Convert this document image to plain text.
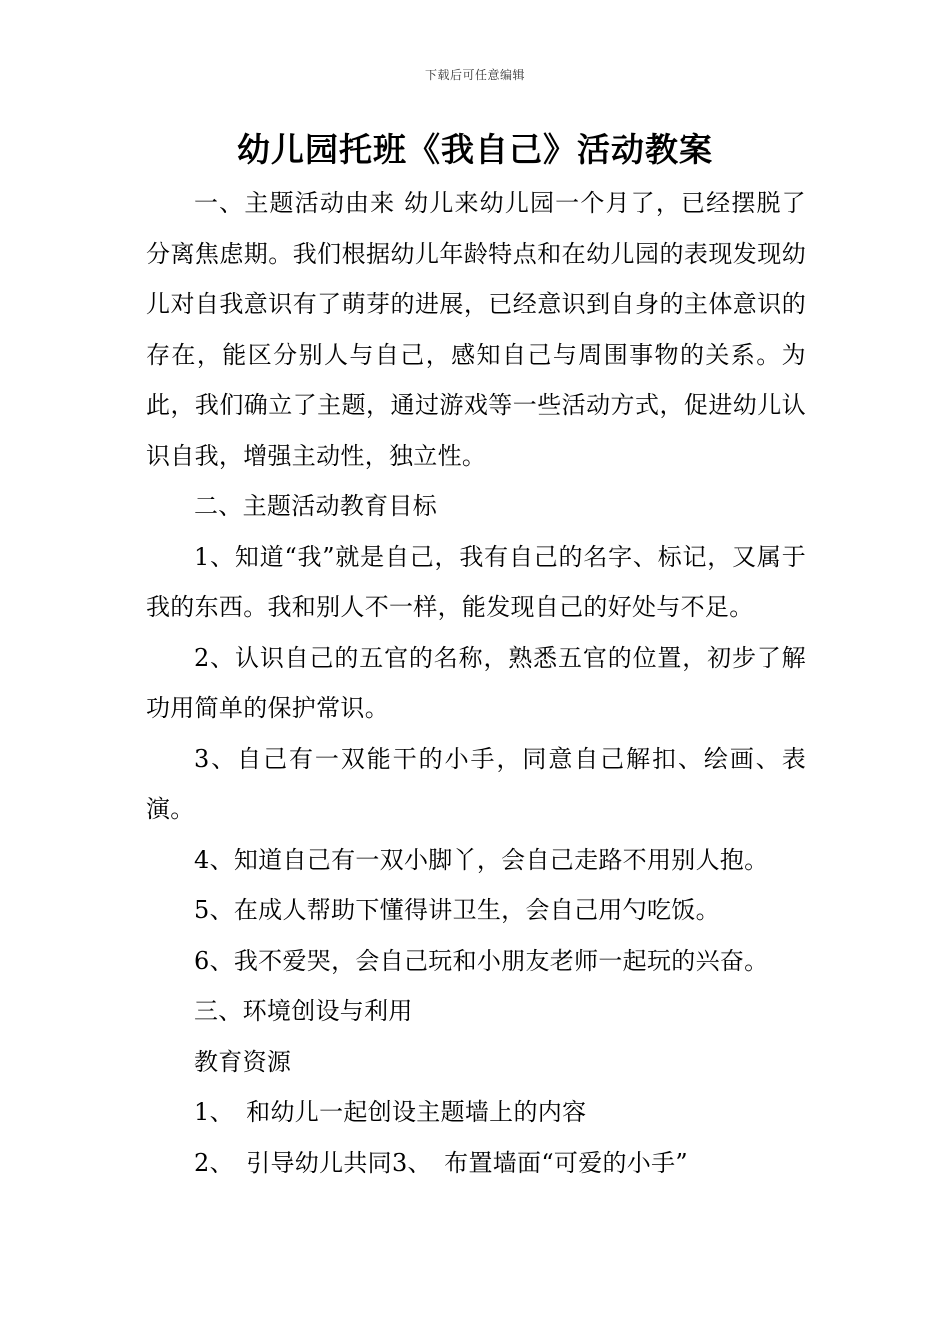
下载后可任意编辑
幼儿园托班《我自己》活动教案

一、主题活动由来 幼儿来幼儿园一个月了，已经摆脱了分离焦虑期。我们根据幼儿年龄特点和在幼儿园的表现发现幼儿对自我意识有了萌芽的进展，已经意识到自身的主体意识的存在，能区分别人与自己，感知自己与周围事物的关系。为此，我们确立了主题，通过游戏等一些活动方式，促进幼儿认识自我，增强主动性，独立性。

二、主题活动教育目标

1、知道“我”就是自己，我有自己的名字、标记，又属于我的东西。我和别人不一样，能发现自己的好处与不足。

2、认识自己的五官的名称，熟悉五官的位置，初步了解功用简单的保护常识。

3、自己有一双能干的小手，同意自己解扣、绘画、表演。

4、知道自己有一双小脚丫，会自己走路不用别人抱。

5、在成人帮助下懂得讲卫生，会自己用勺吃饭。

6、我不爱哭，会自己玩和小朋友老师一起玩的兴奋。

三、环境创设与利用

教育资源

1、　和幼儿一起创设主题墙上的内容

2、　引导幼儿共同3、　布置墙面“可爱的小手”
